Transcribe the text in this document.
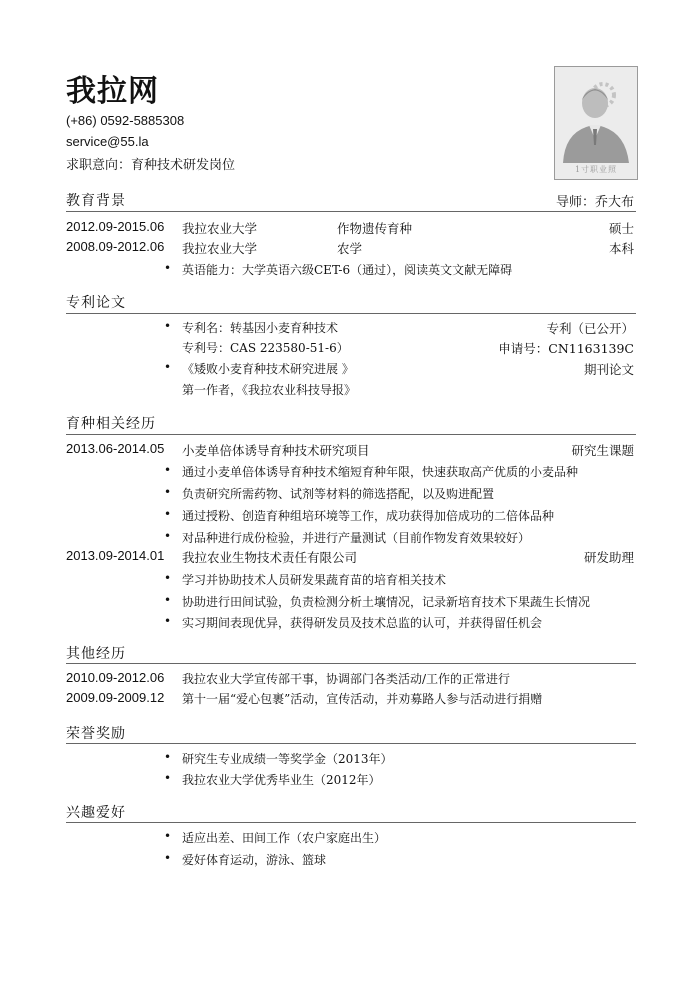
我拉网
(+86) 0592-5885308
service@55.la
求职意向：育种技术研发岗位	1寸职业照
教育背景	导师：乔大布
2012.09-2015.06 我拉农业大学	作物遗传育种	硕士
2008.09-2012.06 我拉农业大学	农学	本科
• 英语能力：大学英语六级CET-6（通过），阅读英文文献无障碍
专利论文
• 专利名：转基因小麦育种技术	专利（已公开）
专利号：CAS 223580-51-6）	申请号：CN1163139C
• 《矮败小麦育种技术研究进展 》	期刊论文
第一作者，《我拉农业科技导报》
育种相关经历
2013.06-2014.05 小麦单倍体诱导育种技术研究项目	研究生课题
• 通过小麦单倍体诱导育种技术缩短育种年限，快速获取高产优质的小麦品种
• 负责研究所需药物、试剂等材料的筛选搭配，以及购进配置
• 通过授粉、创造育种组培环境等工作，成功获得加倍成功的二倍体品种
• 对品种进行成份检验，并进行产量测试（目前作物发育效果较好）
2013.09-2014.01 我拉农业生物技术责任有限公司	研发助理
• 学习并协助技术人员研发果蔬育苗的培育相关技术
• 协助进行田间试验，负责检测分析土壤情况，记录新培育技术下果蔬生长情况
• 实习期间表现优异，获得研发员及技术总监的认可，并获得留任机会
其他经历
2010.09-2012.06 我拉农业大学宣传部干事，协调部门各类活动/工作的正常进行
2009.09-2009.12 第十一届“爱心包裹”活动，宣传活动，并劝募路人参与活动进行捐赠
荣誉奖励
• 研究生专业成绩一等奖学金（2013年）
• 我拉农业大学优秀毕业生（2012年）
兴趣爱好
• 适应出差、田间工作（农户家庭出生）
• 爱好体育运动，游泳、篮球
